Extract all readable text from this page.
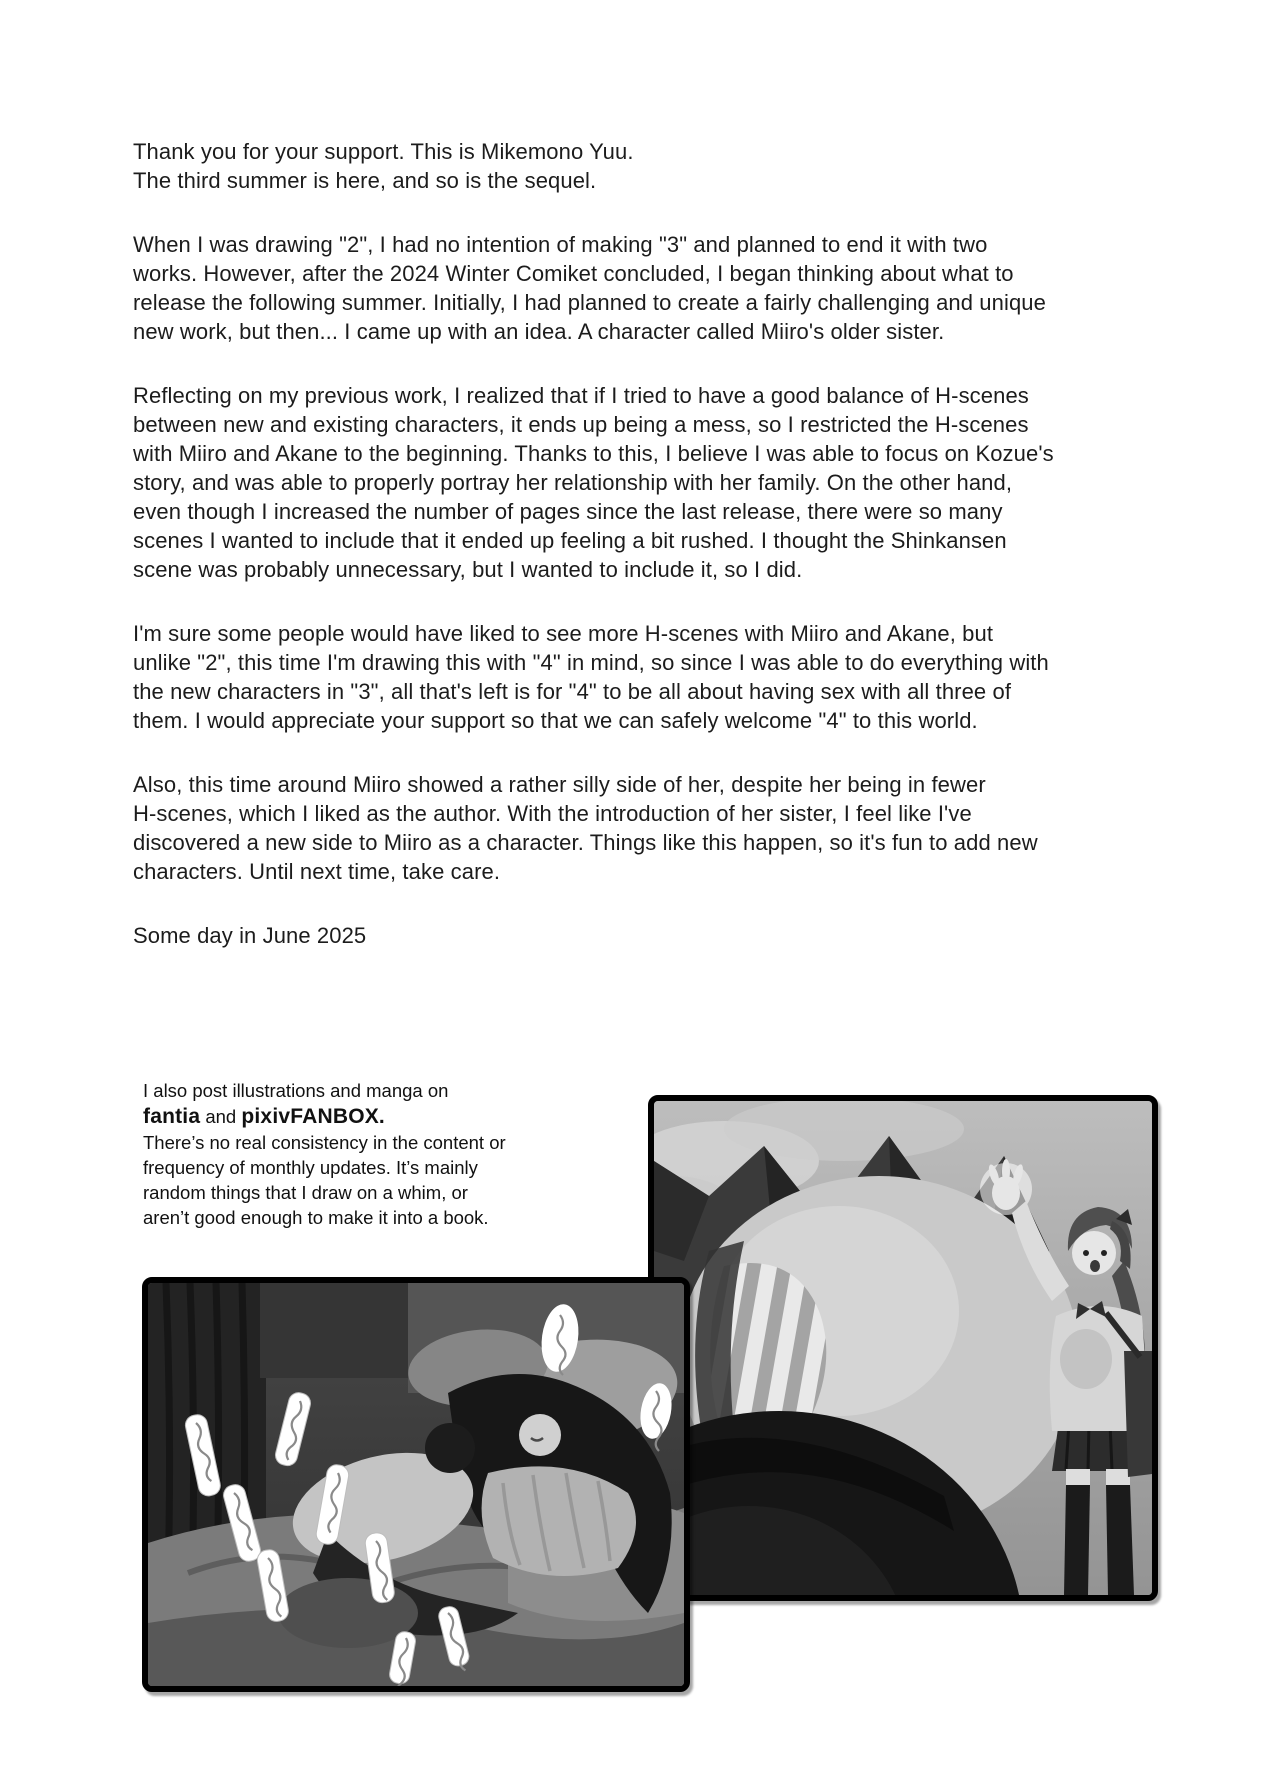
Thank you for your support. This is Mikemono Yuu.
The third summer is here, and so is the sequel.

When I was drawing "2", I had no intention of making "3" and planned to end it with two
works. However, after the 2024 Winter Comiket concluded, I began thinking about what to
release the following summer. Initially, I had planned to create a fairly challenging and unique
new work, but then... I came up with an idea. A character called Miiro's older sister.

Reflecting on my previous work, I realized that if I tried to have a good balance of H-scenes
between new and existing characters, it ends up being a mess, so I restricted the H-scenes
with Miiro and Akane to the beginning. Thanks to this, I believe I was able to focus on Kozue's
story, and was able to properly portray her relationship with her family. On the other hand,
even though I increased the number of pages since the last release, there were so many
scenes I wanted to include that it ended up feeling a bit rushed. I thought the Shinkansen
scene was probably unnecessary, but I wanted to include it, so I did.

I'm sure some people would have liked to see more H-scenes with Miiro and Akane, but
unlike "2", this time I'm drawing this with "4" in mind, so since I was able to do everything with
the new characters in "3", all that's left is for "4" to be all about having sex with all three of
them. I would appreciate your support so that we can safely welcome "4" to this world.

Also, this time around Miiro showed a rather silly side of her, despite her being in fewer
H-scenes, which I liked as the author. With the introduction of her sister, I feel like I've
discovered a new side to Miiro as a character. Things like this happen, so it's fun to add new
characters. Until next time, take care.

Some day in June 2025
I also post illustrations and manga on
fantia and pixivFANBOX.
There’s no real consistency in the content or
frequency of monthly updates. It’s mainly
random things that I draw on a whim, or
aren’t good enough to make it into a book.
